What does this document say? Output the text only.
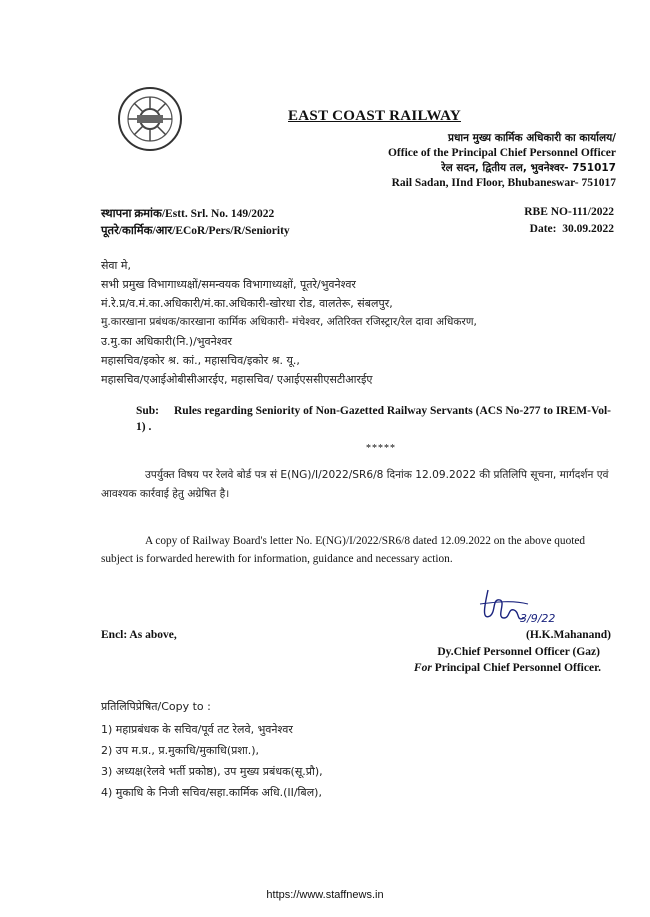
EAST COAST RAILWAY
प्रधान मुख्य कार्मिक अधिकारी का कार्यालय/
Office of the Principal Chief Personnel Officer
रेल सदन, द्वितीय तल, भुवनेश्वर- 751017
Rail Sadan, IInd Floor, Bhubaneswar- 751017
स्थापना क्रमांक/Estt. Srl. No. 149/2022
पूतरे/कार्मिक/आर/ECoR/Pers/R/Seniority
RBE NO-111/2022
Date:  30.09.2022
सेवा मे,
सभी प्रमुख विभागाध्यक्षों/समन्वयक विभागाध्यक्षों, पूतरे/भुवनेश्वर
मं.रे.प्र/व.मं.का.अधिकारी/मं.का.अधिकारी-खोरधा रोड, वालतेरू, संबलपुर,
मु.कारखाना प्रबंधक/कारखाना कार्मिक अधिकारी- मंचेश्वर, अतिरिक्त रजिस्ट्रार/रेल दावा अधिकरण,
उ.मु.का अधिकारी(नि.)/भुवनेश्वर
महासचिव/इकोर श्र. कां., महासचिव/इकोर श्र. यू.,
महासचिव/एआईओबीसीआरईए, महासचिव/ एआईएससीएसटीआरईए
Sub: Rules regarding Seniority of Non-Gazetted Railway Servants (ACS No-277 to IREM-Vol-1) .
*****
उपर्युक्त विषय पर रेलवे बोर्ड पत्र सं E(NG)/I/2022/SR6/8 दिनांक 12.09.2022 की प्रतिलिपि सूचना, मार्गदर्शन एवं आवश्यक कार्रवाई हेतु अग्रेषित है।
A copy of Railway Board's letter No. E(NG)/I/2022/SR6/8 dated 12.09.2022 on the above quoted subject is forwarded herewith for information, guidance and necessary action.
3/9/22
Encl: As above,	(H.K.Mahanand)
Dy.Chief Personnel Officer (Gaz)
For Principal Chief Personnel Officer.
प्रतिलिपिप्रेषित/Copy to :
1) महाप्रबंधक के सचिव/पूर्व तट रेलवे, भुवनेश्वर
2) उप म.प्र., प्र.मुकाधि/मुकाधि(प्रशा.),
3) अध्यक्ष(रेलवे भर्ती प्रकोष्ठ), उप मुख्य प्रबंधक(सू.प्रौ),
4) मुकाधि के निजी सचिव/सहा.कार्मिक अधि.(II/बिल),
https://www.staffnews.in
